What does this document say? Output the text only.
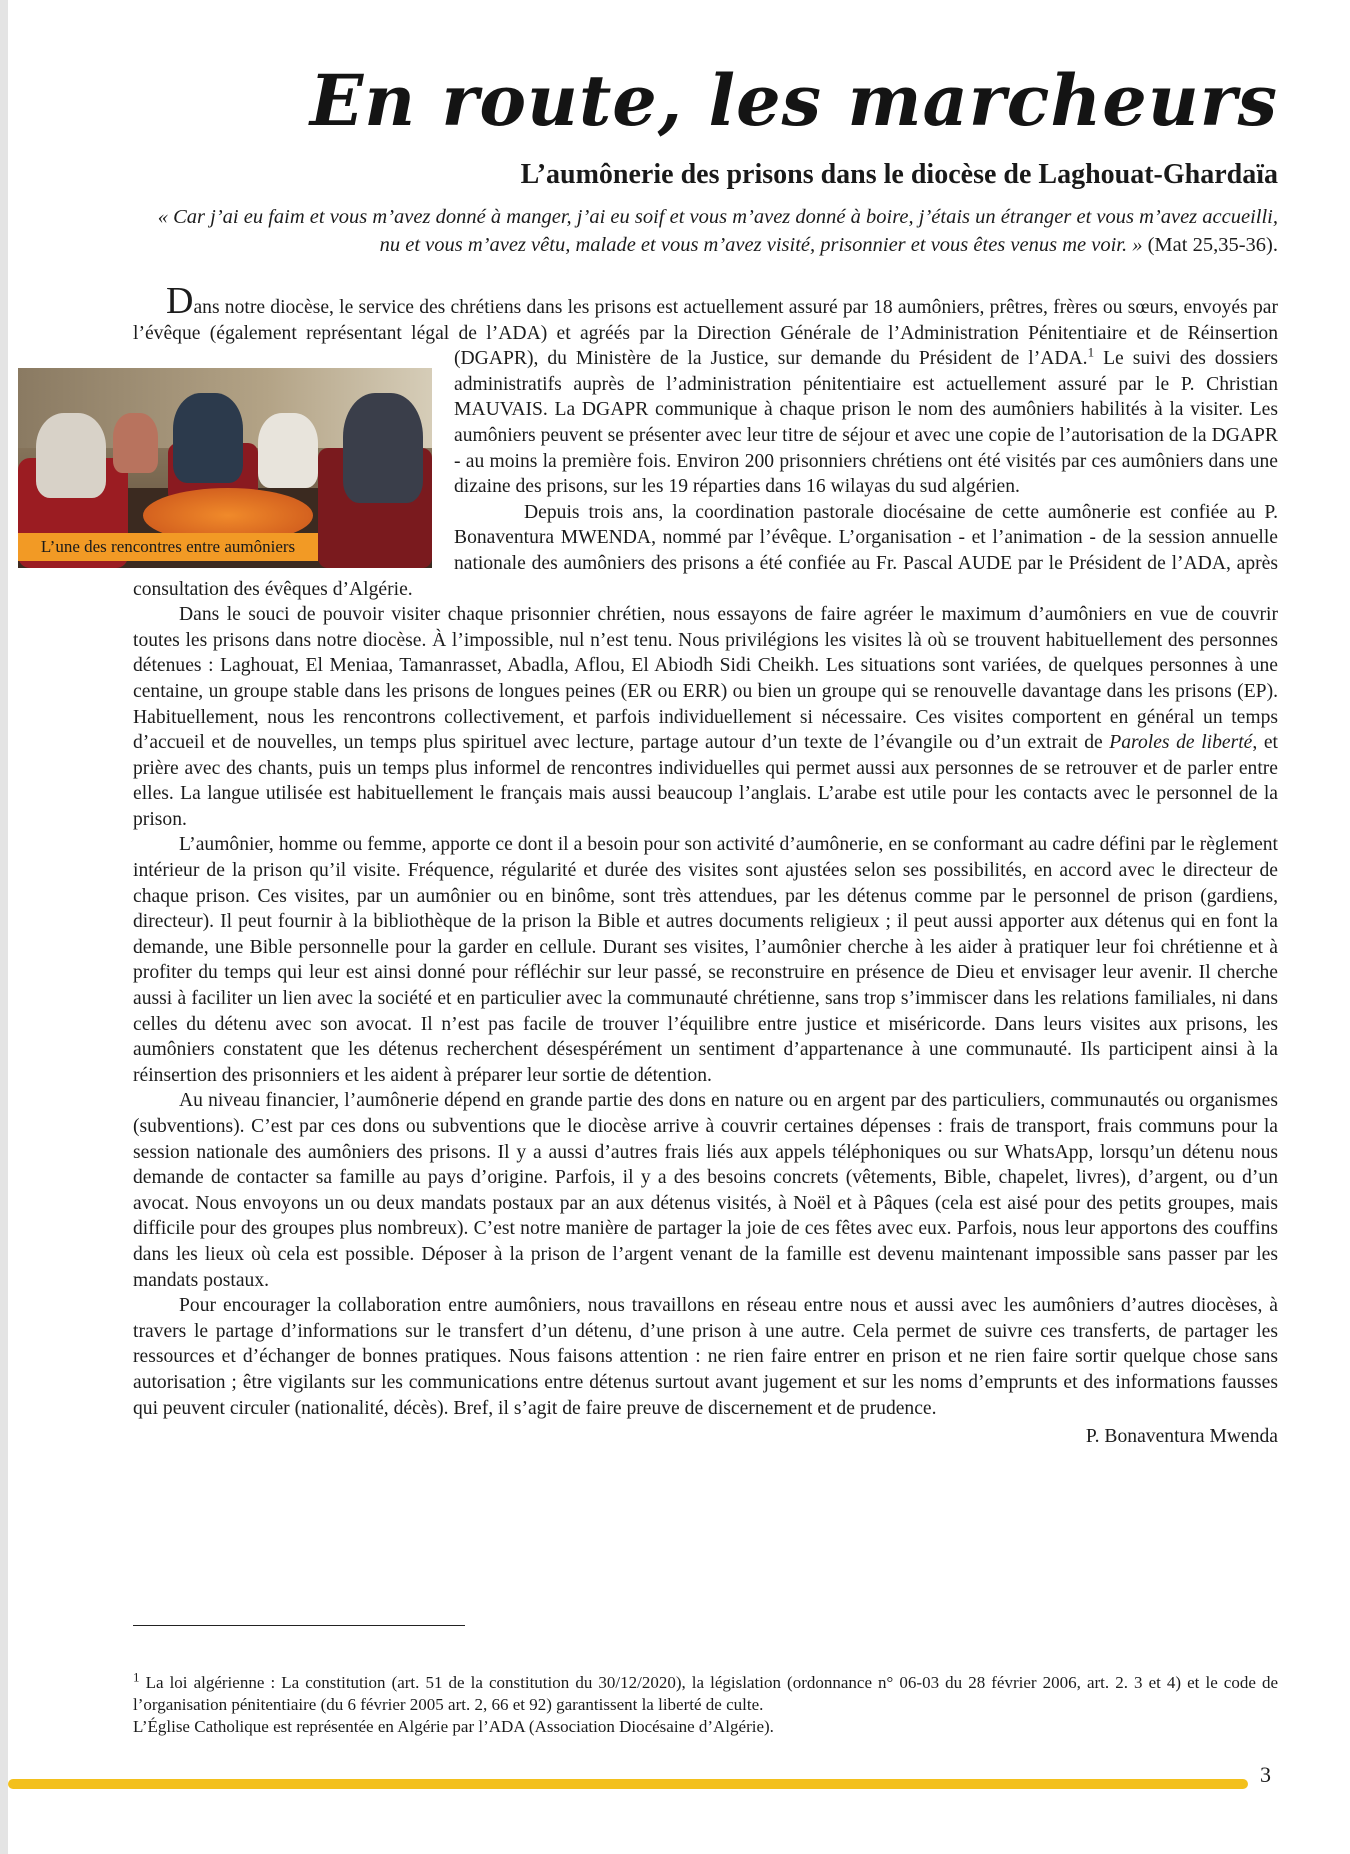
En route, les marcheurs
L’aumônerie des prisons dans le diocèse de Laghouat-Ghardaïa

« Car j’ai eu faim et vous m’avez donné à manger, j’ai eu soif et vous m’avez donné à boire, j’étais un étranger et vous m’avez accueilli, nu et vous m’avez vêtu, malade et vous m’avez visité, prisonnier et vous êtes venus me voir. » (Mat 25,35-36).

Dans notre diocèse, le service des chrétiens dans les prisons est actuellement assuré par 18 aumôniers, prêtres, frères ou sœurs, envoyés par l’évêque (également représentant légal de l’ADA) et agréés par la Direction Générale de l’Administration Pénitentiaire et de Réinsertion (DGAPR), du Ministère de la Justice, sur demande du Président de l’ADA.$^1$
L’une des rencontres entre aumôniers
Le suivi des dossiers administratifs auprès de l’administration pénitentiaire est actuellement assuré par le P. Christian MAUVAIS. La DGAPR communique à chaque prison le nom des aumôniers habilités à la visiter. Les aumôniers peuvent se présenter avec leur titre de séjour et avec une copie de l’autorisation de la DGAPR - au moins la première fois. Environ 200 prisonniers chrétiens ont été visités par ces aumôniers dans une dizaine des prisons, sur les 19 réparties dans 16 wilayas du sud algérien.

Depuis trois ans, la coordination pastorale diocésaine de cette aumônerie est confiée au P. Bonaventura MWENDA, nommé par l’évêque. L’organisation - et l’animation - de la session annuelle nationale des aumôniers des prisons a été confiée au Fr. Pascal AUDE par le Président de l’ADA, après consultation des évêques d’Algérie.

Dans le souci de pouvoir visiter chaque prisonnier chrétien, nous essayons de faire agréer le maximum d’aumôniers en vue de couvrir toutes les prisons dans notre diocèse. À l’impossible, nul n’est tenu. Nous privilégions les visites là où se trouvent habituellement des personnes détenues : Laghouat, El Meniaa, Tamanrasset, Abadla, Aflou, El Abiodh Sidi Cheikh. Les situations sont variées, de quelques personnes à une centaine, un groupe stable dans les prisons de longues peines (ER ou ERR) ou bien un groupe qui se renouvelle davantage dans les prisons (EP). Habituellement, nous les rencontrons collectivement, et parfois individuellement si nécessaire. Ces visites comportent en général un temps d’accueil et de nouvelles, un temps plus spirituel avec lecture, partage autour d’un texte de l’évangile ou d’un extrait de Paroles de liberté, et prière avec des chants, puis un temps plus informel de rencontres individuelles qui permet aussi aux personnes de se retrouver et de parler entre elles. La langue utilisée est habituellement le français mais aussi beaucoup l’anglais. L’arabe est utile pour les contacts avec le personnel de la prison.

L’aumônier, homme ou femme, apporte ce dont il a besoin pour son activité d’aumônerie, en se conformant au cadre défini par le règlement intérieur de la prison qu’il visite. Fréquence, régularité et durée des visites sont ajustées selon ses possibilités, en accord avec le directeur de chaque prison. Ces visites, par un aumônier ou en binôme, sont très attendues, par les détenus comme par le personnel de prison (gardiens, directeur). Il peut fournir à la bibliothèque de la prison la Bible et autres documents religieux ; il peut aussi apporter aux détenus qui en font la demande, une Bible personnelle pour la garder en cellule. Durant ses visites, l’aumônier cherche à les aider à pratiquer leur foi chrétienne et à profiter du temps qui leur est ainsi donné pour réfléchir sur leur passé, se reconstruire en présence de Dieu et envisager leur avenir. Il cherche aussi à faciliter un lien avec la société et en particulier avec la communauté chrétienne, sans trop s’immiscer dans les relations familiales, ni dans celles du détenu avec son avocat. Il n’est pas facile de trouver l’équilibre entre justice et miséricorde. Dans leurs visites aux prisons, les aumôniers constatent que les détenus recherchent désespérément un sentiment d’appartenance à une communauté. Ils participent ainsi à la réinsertion des prisonniers et les aident à préparer leur sortie de détention.

Au niveau financier, l’aumônerie dépend en grande partie des dons en nature ou en argent par des particuliers, communautés ou organismes (subventions). C’est par ces dons ou subventions que le diocèse arrive à couvrir certaines dépenses : frais de transport, frais communs pour la session nationale des aumôniers des prisons. Il y a aussi d’autres frais liés aux appels téléphoniques ou sur WhatsApp, lorsqu’un détenu nous demande de contacter sa famille au pays d’origine. Parfois, il y a des besoins concrets (vêtements, Bible, chapelet, livres), d’argent, ou d’un avocat. Nous envoyons un ou deux mandats postaux par an aux détenus visités, à Noël et à Pâques (cela est aisé pour des petits groupes, mais difficile pour des groupes plus nombreux). C’est notre manière de partager la joie de ces fêtes avec eux. Parfois, nous leur apportons des couffins dans les lieux où cela est possible. Déposer à la prison de l’argent venant de la famille est devenu maintenant impossible sans passer par les mandats postaux.

Pour encourager la collaboration entre aumôniers, nous travaillons en réseau entre nous et aussi avec les aumôniers d’autres diocèses, à travers le partage d’informations sur le transfert d’un détenu, d’une prison à une autre. Cela permet de suivre ces transferts, de partager les ressources et d’échanger de bonnes pratiques. Nous faisons attention : ne rien faire entrer en prison et ne rien faire sortir quelque chose sans autorisation ; être vigilants sur les communications entre détenus surtout avant jugement et sur les noms d’emprunts et des informations fausses qui peuvent circuler (nationalité, décès). Bref, il s’agit de faire preuve de discernement et de prudence.

P. Bonaventura Mwenda

$^1$ La loi algérienne : La constitution (art. 51 de la constitution du 30/12/2020), la législation (ordonnance n° 06-03 du 28 février 2006, art. 2. 3 et 4) et le code de l’organisation pénitentiaire (du 6 février 2005 art. 2, 66 et 92) garantissent la liberté de culte.

L’Église Catholique est représentée en Algérie par l’ADA (Association Diocésaine d’Algérie).

3
